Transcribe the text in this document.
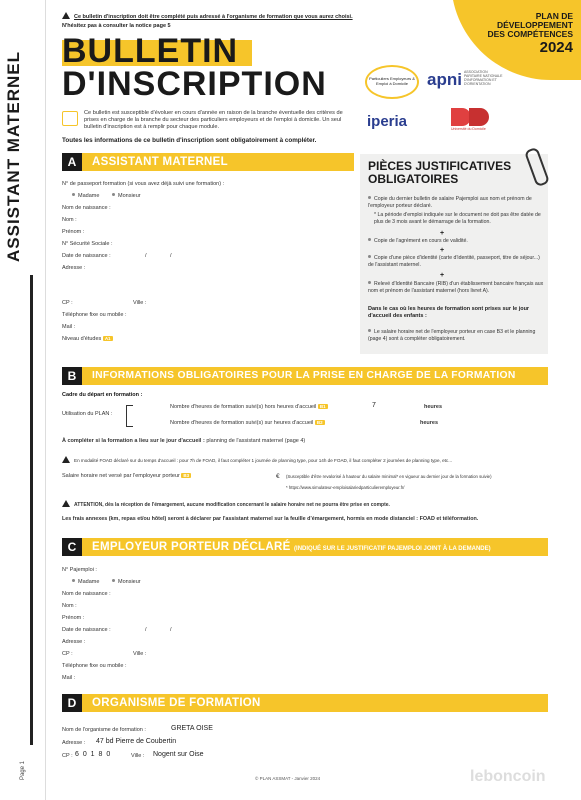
ASSISTANT MATERNEL
Page 1
PLAN DE
DÉVELOPPEMENT
DES COMPÉTENCES
2024
Ce bulletin d'inscription doit être complété puis adressé à l'organisme de formation que vous aurez choisi.
N'hésitez pas à consulter la notice page 5
BULLETIN
D'INSCRIPTION	Particuliers Employeurs & Emploi à Domicile	apni ASSOCIATION PARITAIRE NATIONALE D'INFORMATION ET D'ORIENTATION
iperia	Université du Domicile
Ce bulletin est susceptible d'évoluer en cours d'année en raison de la branche éventuelle des critères de prises en charge de la branche du secteur des particuliers employeurs et de l'emploi à domicile. Un seul bulletin d'inscription est à remplir pour chaque module.
Toutes les informations de ce bulletin d'inscription sont obligatoirement à compléter.
A	ASSISTANT MATERNEL
N° de passeport formation (si vous avez déjà suivi une formation) :
Madame	Monsieur
Nom de naissance :
Nom :
Prénom :
N° Sécurité Sociale :
Date de naissance :	/	/
Adresse :
CP :	Ville :
Téléphone fixe ou mobile :
Mail :
Niveau d'études A1
PIÈCES JUSTIFICATIVES
OBLIGATOIRES
Copie du dernier bulletin de salaire Pajemploi aux nom et prénom de l'employeur porteur déclaré.
* La période d'emploi indiquée sur le document ne doit pas être datée de plus de 3 mois avant le démarrage de la formation.
+
Copie de l'agrément en cours de validité.
+
Copie d'une pièce d'identité (carte d'identité, passeport, titre de séjour...) de l'assistant maternel.
+
Relevé d'Identité Bancaire (RIB) d'un établissement bancaire français aux nom et prénom de l'assistant maternel (hors livret A).
Dans le cas où les heures de formation sont prises sur le jour d'accueil des enfants :
Le salaire horaire net de l'employeur porteur en case B3 et le planning (page 4) sont à compléter obligatoirement.
B	INFORMATIONS OBLIGATOIRES POUR LA PRISE EN CHARGE DE LA FORMATION
Cadre du départ en formation :
Utilisation du PLAN :
Nombre d'heures de formation suivi(s) hors heures d'accueil B1	7	heures
Nombre d'heures de formation suivi(s) sur heures d'accueil B2	heures
À compléter si la formation a lieu sur le jour d'accueil : planning de l'assistant maternel (page 4)
En modalité FOAD déclaré sur du temps d'accueil : pour 7h de FOAD, il faut compléter 1 journée de planning type, pour 14h de FOAD, il faut compléter 2 journées de planning type, etc...
Salaire horaire net versé par l'employeur porteur B3	€ (Susceptible d'être revalorisé à hauteur du salaire minimal* en vigueur au dernier jour de la formation suivie)
* https://www.simulateur-emploisalariedparticulieremployeur.fr/
ATTENTION, dès la réception de l'émargement, aucune modification concernant le salaire horaire net ne pourra être prise en compte.
Les frais annexes (km, repas et/ou hôtel) seront à déclarer par l'assistant maternel sur la feuille d'émargement, hormis en mode distanciel : FOAD et téléformation.
C	EMPLOYEUR PORTEUR DÉCLARÉ (INDIQUÉ SUR LE JUSTIFICATIF PAJEMPLOI JOINT À LA DEMANDE)
N° Pajemploi :
Madame	Monsieur
Nom de naissance :
Nom :
Prénom :
Date de naissance :	/	/
Adresse :
CP :	Ville :
Téléphone fixe ou mobile :
Mail :
D	ORGANISME DE FORMATION
Nom de l'organisme de formation :	GRETA OISE
Adresse : 47 bd Pierre de Coubertin
CP : 6 0 1 8 0	Ville : Nogent sur Oise
© PLAN ASSMAT - Janvier 2024	leboncoin
